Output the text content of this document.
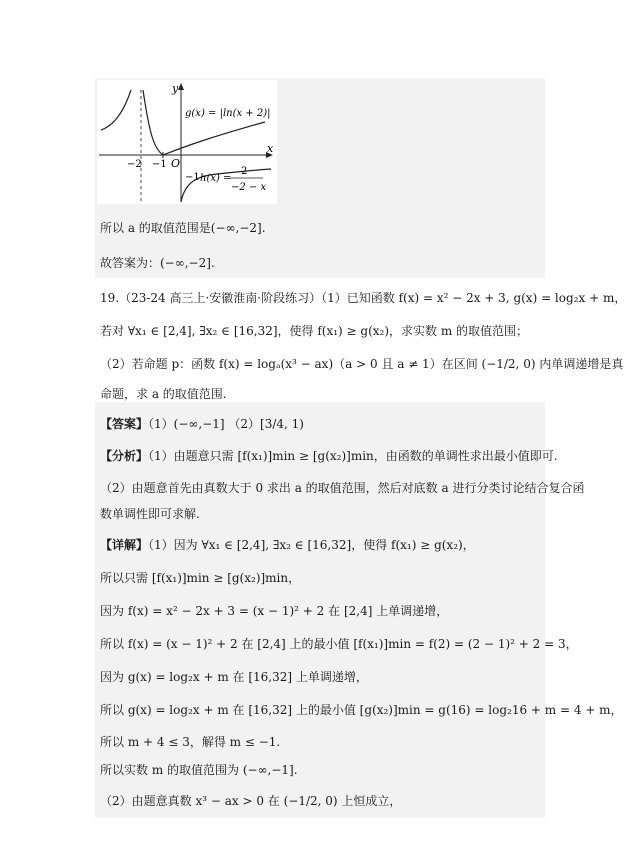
y
x
O
−2 −1
−1
g(x) = |ln(x + 2)|
h(x) =
2
−2 − x
所以 a 的取值范围是(−∞,−2].
故答案为：(−∞,−2].
19.（23-24 高三上·安徽淮南·阶段练习）（1）已知函数 f(x) = x² − 2x + 3, g(x) = log₂x + m，
若对 ∀x₁ ∈ [2,4], ∃x₂ ∈ [16,32]，使得 f(x₁) ≥ g(x₂)，求实数 m 的取值范围；
（2）若命题 p：函数 f(x) = logₐ(x³ − ax)（a > 0 且 a ≠ 1）在区间 (−1/2, 0) 内单调递增是真
命题，求 a 的取值范围.
【答案】（1）(−∞,−1] （2）[3/4, 1)
【分析】（1）由题意只需 [f(x₁)]min ≥ [g(x₂)]min，由函数的单调性求出最小值即可.
（2）由题意首先由真数大于 0 求出 a 的取值范围，然后对底数 a 进行分类讨论结合复合函
数单调性即可求解.
【详解】（1）因为 ∀x₁ ∈ [2,4], ∃x₂ ∈ [16,32]，使得 f(x₁) ≥ g(x₂)，
所以只需 [f(x₁)]min ≥ [g(x₂)]min，
因为 f(x) = x² − 2x + 3 = (x − 1)² + 2 在 [2,4] 上单调递增，
所以 f(x) = (x − 1)² + 2 在 [2,4] 上的最小值 [f(x₁)]min = f(2) = (2 − 1)² + 2 = 3，
因为 g(x) = log₂x + m 在 [16,32] 上单调递增，
所以 g(x) = log₂x + m 在 [16,32] 上的最小值 [g(x₂)]min = g(16) = log₂16 + m = 4 + m，
所以 m + 4 ≤ 3，解得 m ≤ −1.
所以实数 m 的取值范围为 (−∞,−1].
（2）由题意真数 x³ − ax > 0 在 (−1/2, 0) 上恒成立，
